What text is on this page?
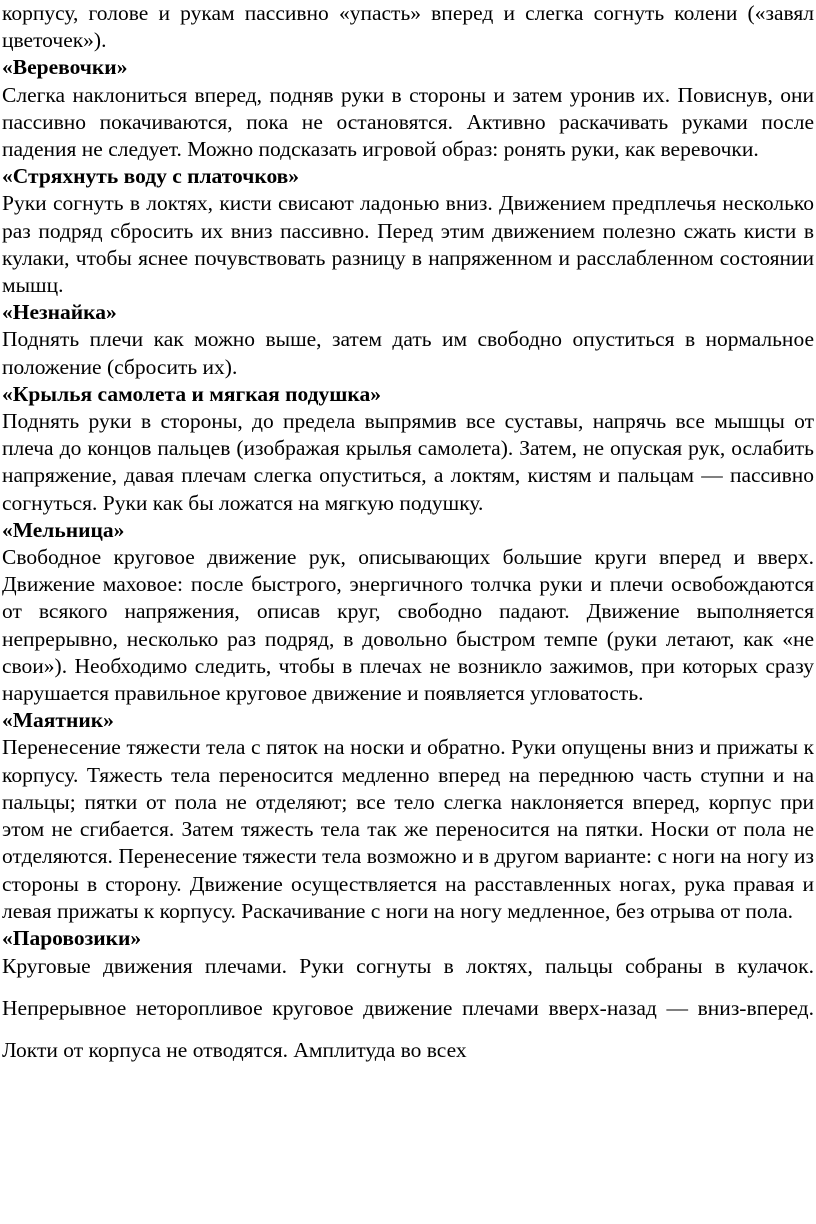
корпусу, голове и рукам пассивно «упасть» вперед и слегка согнуть колени («завял цветочек»).

«Веревочки»

Слегка наклониться вперед, подняв руки в стороны и затем уронив их. Повиснув, они пассивно покачиваются, пока не остановятся. Активно раскачивать руками после падения не следует. Можно подсказать игровой образ: ронять руки, как веревочки.

«Стряхнуть воду с платочков»

Руки согнуть в локтях, кисти свисают ладонью вниз. Движением предплечья несколько раз подряд сбросить их вниз пассивно. Перед этим движением полезно сжать кисти в кулаки, чтобы яснее почувствовать разницу в напряженном и расслабленном состоянии мышц.

«Незнайка»

Поднять плечи как можно выше, затем дать им свободно опуститься в нормальное положение (сбросить их).

«Крылья самолета и мягкая подушка»

Поднять руки в стороны, до предела выпрямив все суставы, напрячь все мышцы от плеча до концов пальцев (изображая крылья самолета). Затем, не опуская рук, ослабить напряжение, давая плечам слегка опуститься, а локтям, кистям и пальцам — пассивно согнуться. Руки как бы ложатся на мягкую подушку.

«Мельница»

Свободное круговое движение рук, описывающих большие круги вперед и вверх. Движение маховое: после быстрого, энергичного толчка руки и плечи освобождаются от всякого напряжения, описав круг, свободно падают. Движение выполняется непрерывно, несколько раз подряд, в довольно быстром темпе (руки летают, как «не свои»). Необходимо следить, чтобы в плечах не возникло зажимов, при которых сразу нарушается правильное круговое движение и появляется угловатость.

«Маятник»

Перенесение тяжести тела с пяток на носки и обратно. Руки опущены вниз и прижаты к корпусу. Тяжесть тела переносится медленно вперед на переднюю часть ступни и на пальцы; пятки от пола не отделяют; все тело слегка наклоняется вперед, корпус при этом не сгибается. Затем тяжесть тела так же переносится на пятки. Носки от пола не отделяются. Перенесение тяжести тела возможно и в другом варианте: с ноги на ногу из стороны в сторону. Движение осуществляется на расставленных ногах, рука правая и левая прижаты к корпусу. Раскачивание с ноги на ногу медленное, без отрыва от пола.

«Паровозики»

Круговые движения плечами. Руки согнуты в локтях, пальцы собраны в кулачок. Непрерывное неторопливое круговое движение плечами вверх-назад — вниз-вперед. Локти от корпуса не отводятся. Амплитуда во всех
